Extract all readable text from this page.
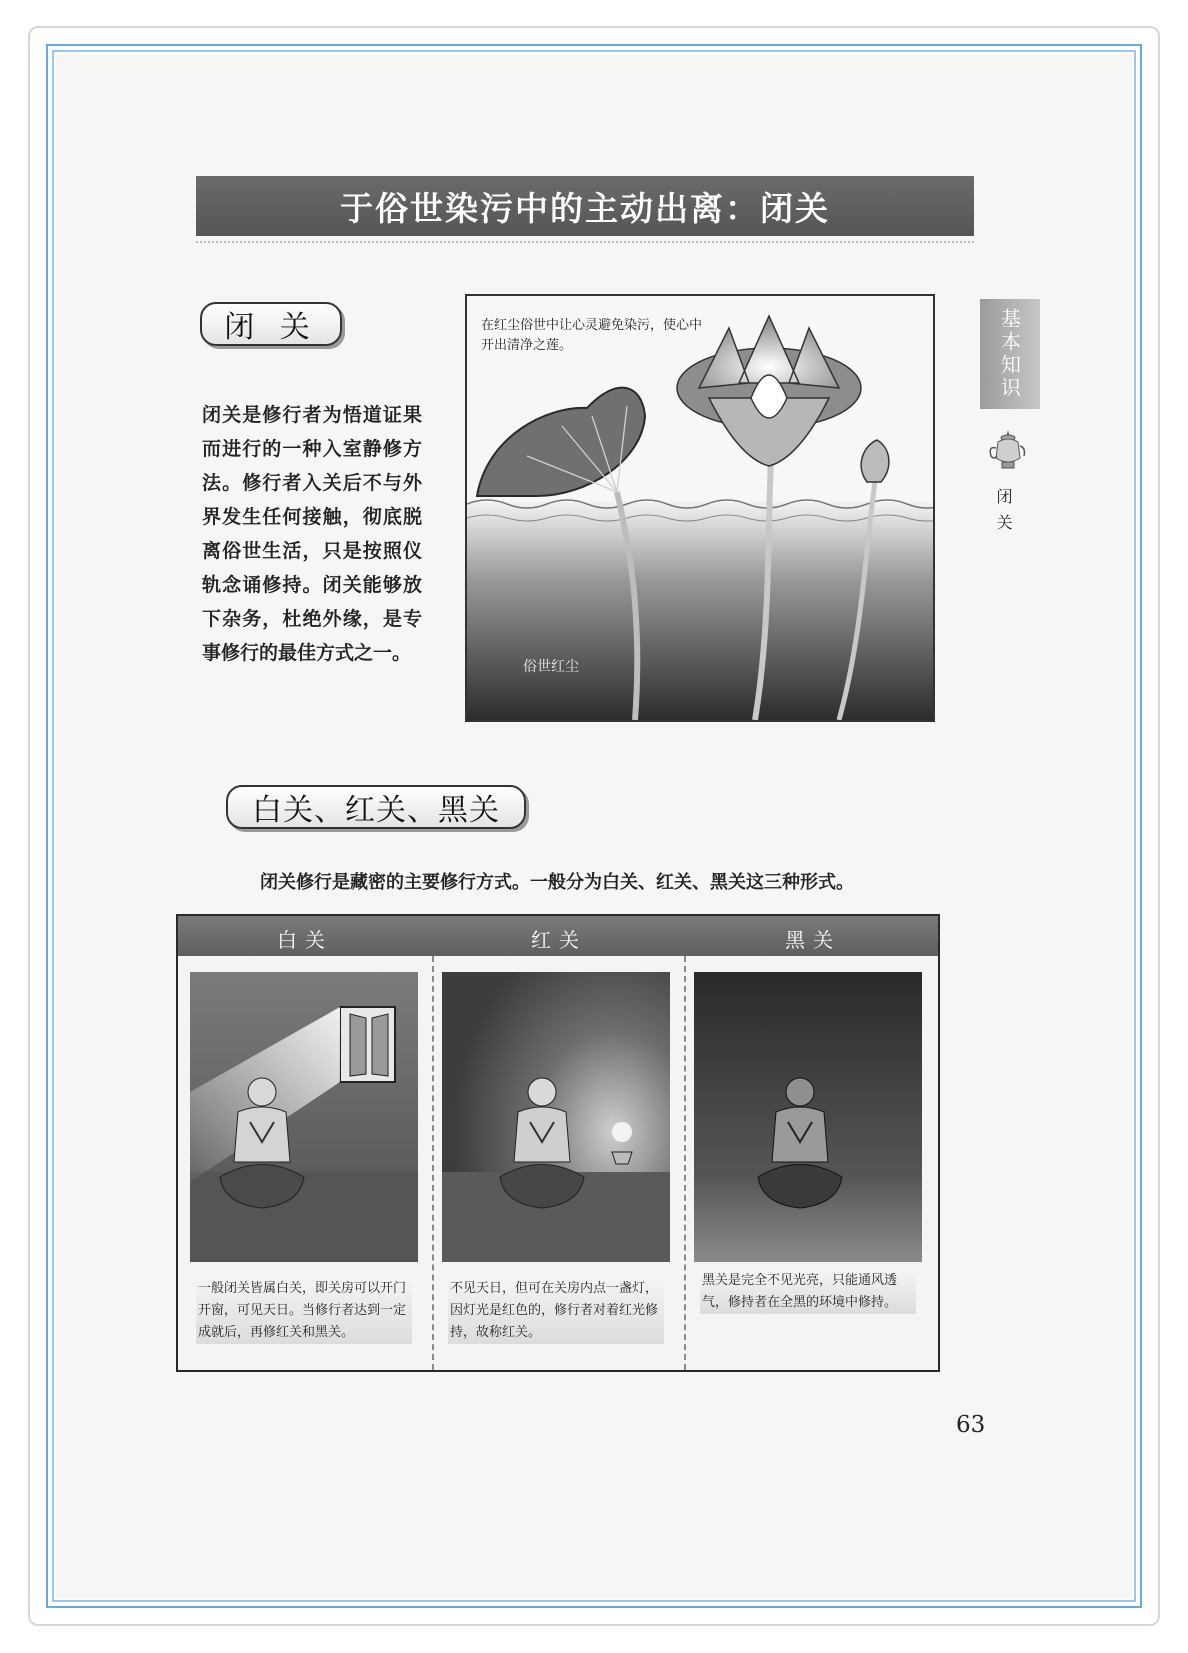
于俗世染污中的主动出离：闭关
闭 关
闭关是修行者为悟道证果而进行的一种入室静修方法。修行者入关后不与外界发生任何接触，彻底脱离俗世生活，只是按照仪轨念诵修持。闭关能够放下杂务，杜绝外缘，是专事修行的最佳方式之一。
在红尘俗世中让心灵避免染污，使心中开出清净之莲。
俗世红尘
基本知识
闭关
白关、红关、黑关
闭关修行是藏密的主要修行方式。一般分为白关、红关、黑关这三种形式。
白关	红关	黑关
一般闭关皆属白关，即关房可以开门开窗，可见天日。当修行者达到一定成就后，再修红关和黑关。
不见天日，但可在关房内点一盏灯，因灯光是红色的，修行者对着红光修持，故称红关。
黑关是完全不见光亮，只能通风透气，修持者在全黑的环境中修持。
63
